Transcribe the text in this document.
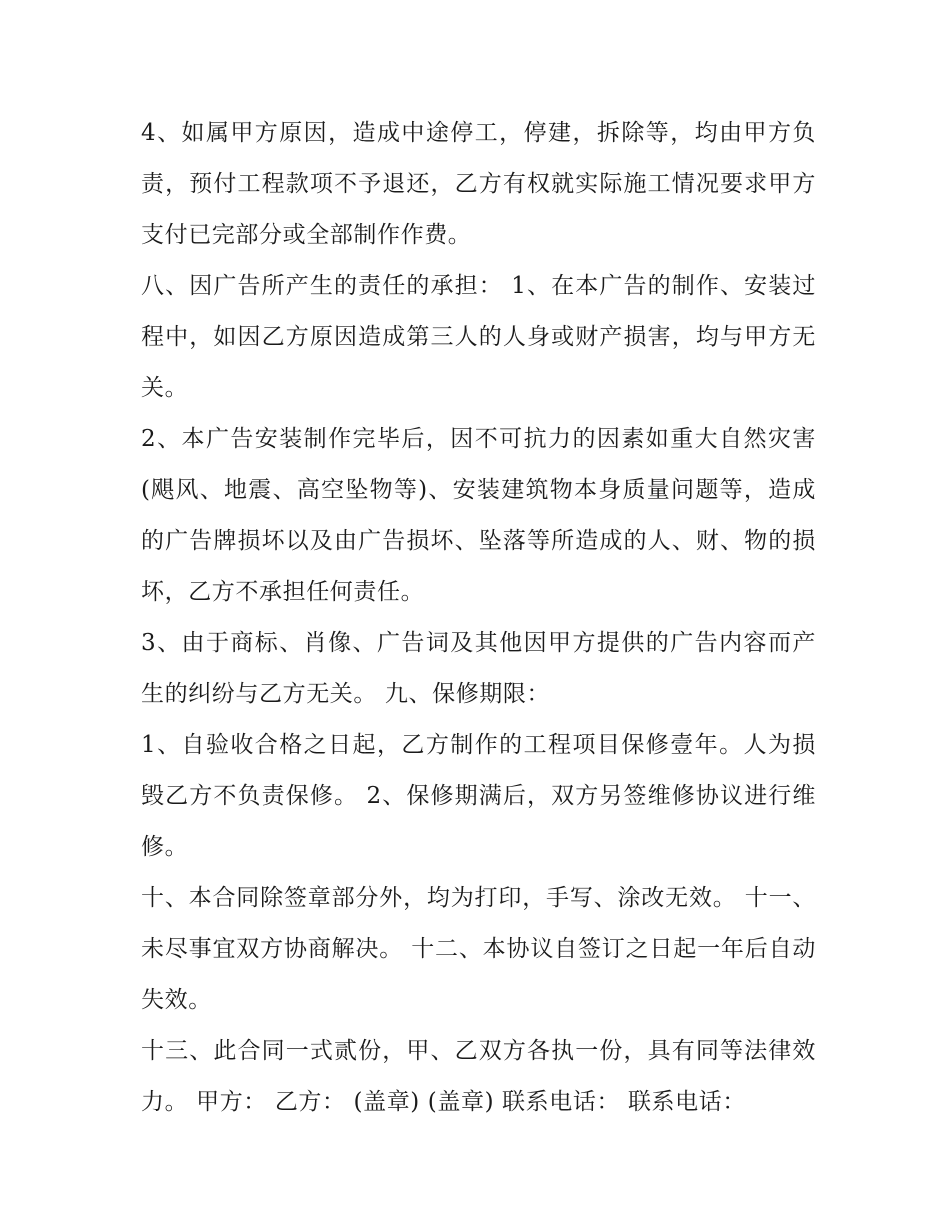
4、如属甲方原因，造成中途停工，停建，拆除等，均由甲方负责，预付工程款项不予退还，乙方有权就实际施工情况要求甲方支付已完部分或全部制作作费。

八、因广告所产生的责任的承担： 1、在本广告的制作、安装过程中，如因乙方原因造成第三人的人身或财产损害，均与甲方无关。

2、本广告安装制作完毕后，因不可抗力的因素如重大自然灾害(飓风、地震、高空坠物等)、安装建筑物本身质量问题等，造成的广告牌损坏以及由广告损坏、坠落等所造成的人、财、物的损坏，乙方不承担任何责任。

3、由于商标、肖像、广告词及其他因甲方提供的广告内容而产生的纠纷与乙方无关。 九、保修期限：

1、自验收合格之日起，乙方制作的工程项目保修壹年。人为损毁乙方不负责保修。 2、保修期满后，双方另签维修协议进行维修。

十、本合同除签章部分外，均为打印，手写、涂改无效。 十一、未尽事宜双方协商解决。 十二、本协议自签订之日起一年后自动失效。

十三、此合同一式贰份，甲、乙双方各执一份，具有同等法律效力。 甲方： 乙方： (盖章) (盖章) 联系电话： 联系电话：
